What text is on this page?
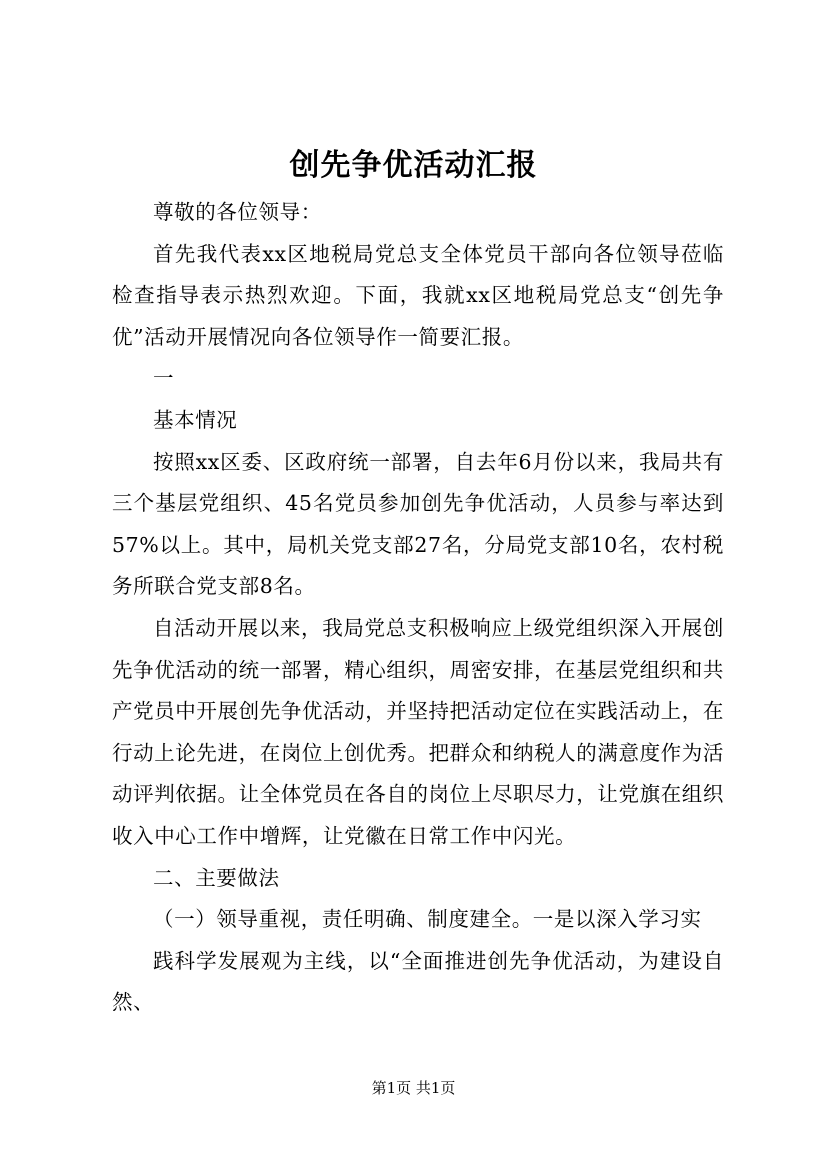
创先争优活动汇报

尊敬的各位领导：

首先我代表xx区地税局党总支全体党员干部向各位领导莅临检查指导表示热烈欢迎。下面，我就xx区地税局党总支“创先争优”活动开展情况向各位领导作一简要汇报。

一

基本情况

按照xx区委、区政府统一部署，自去年6月份以来，我局共有三个基层党组织、45名党员参加创先争优活动，人员参与率达到57%以上。其中，局机关党支部27名，分局党支部10名，农村税务所联合党支部8名。

自活动开展以来，我局党总支积极响应上级党组织深入开展创先争优活动的统一部署，精心组织，周密安排，在基层党组织和共产党员中开展创先争优活动，并坚持把活动定位在实践活动上，在行动上论先进，在岗位上创优秀。把群众和纳税人的满意度作为活动评判依据。让全体党员在各自的岗位上尽职尽力，让党旗在组织收入中心工作中增辉，让党徽在日常工作中闪光。

二、主要做法

（一）领导重视，责任明确、制度建全。一是以深入学习实

践科学发展观为主线，以“全面推进创先争优活动，为建设自然、

第1页 共1页
